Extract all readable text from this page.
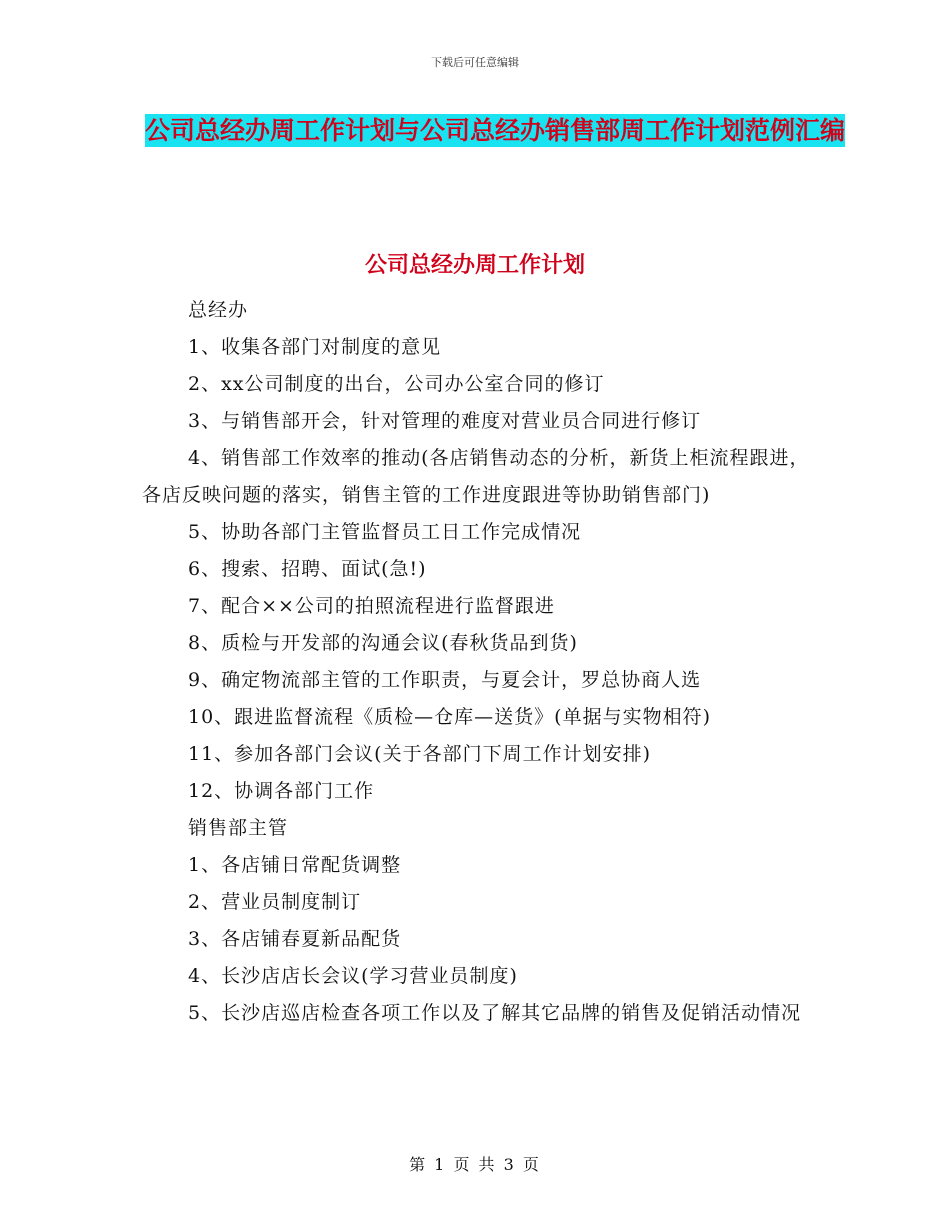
下载后可任意编辑
公司总经办周工作计划与公司总经办销售部周工作计划范例汇编
公司总经办周工作计划

总经办

1、收集各部门对制度的意见

2、xx公司制度的出台，公司办公室合同的修订

3、与销售部开会，针对管理的难度对营业员合同进行修订

4、销售部工作效率的推动(各店销售动态的分析，新货上柜流程跟进，各店反映问题的落实，销售主管的工作进度跟进等协助销售部门)

5、协助各部门主管监督员工日工作完成情况

6、搜索、招聘、面试(急!)

7、配合××公司的拍照流程进行监督跟进

8、质检与开发部的沟通会议(春秋货品到货)

9、确定物流部主管的工作职责，与夏会计，罗总协商人选

10、跟进监督流程《质检—仓库—送货》(单据与实物相符)

11、参加各部门会议(关于各部门下周工作计划安排)

12、协调各部门工作

销售部主管

1、各店铺日常配货调整

2、营业员制度制订

3、各店铺春夏新品配货

4、长沙店店长会议(学习营业员制度)

5、长沙店巡店检查各项工作以及了解其它品牌的销售及促销活动情况

第 1 页 共 3 页
